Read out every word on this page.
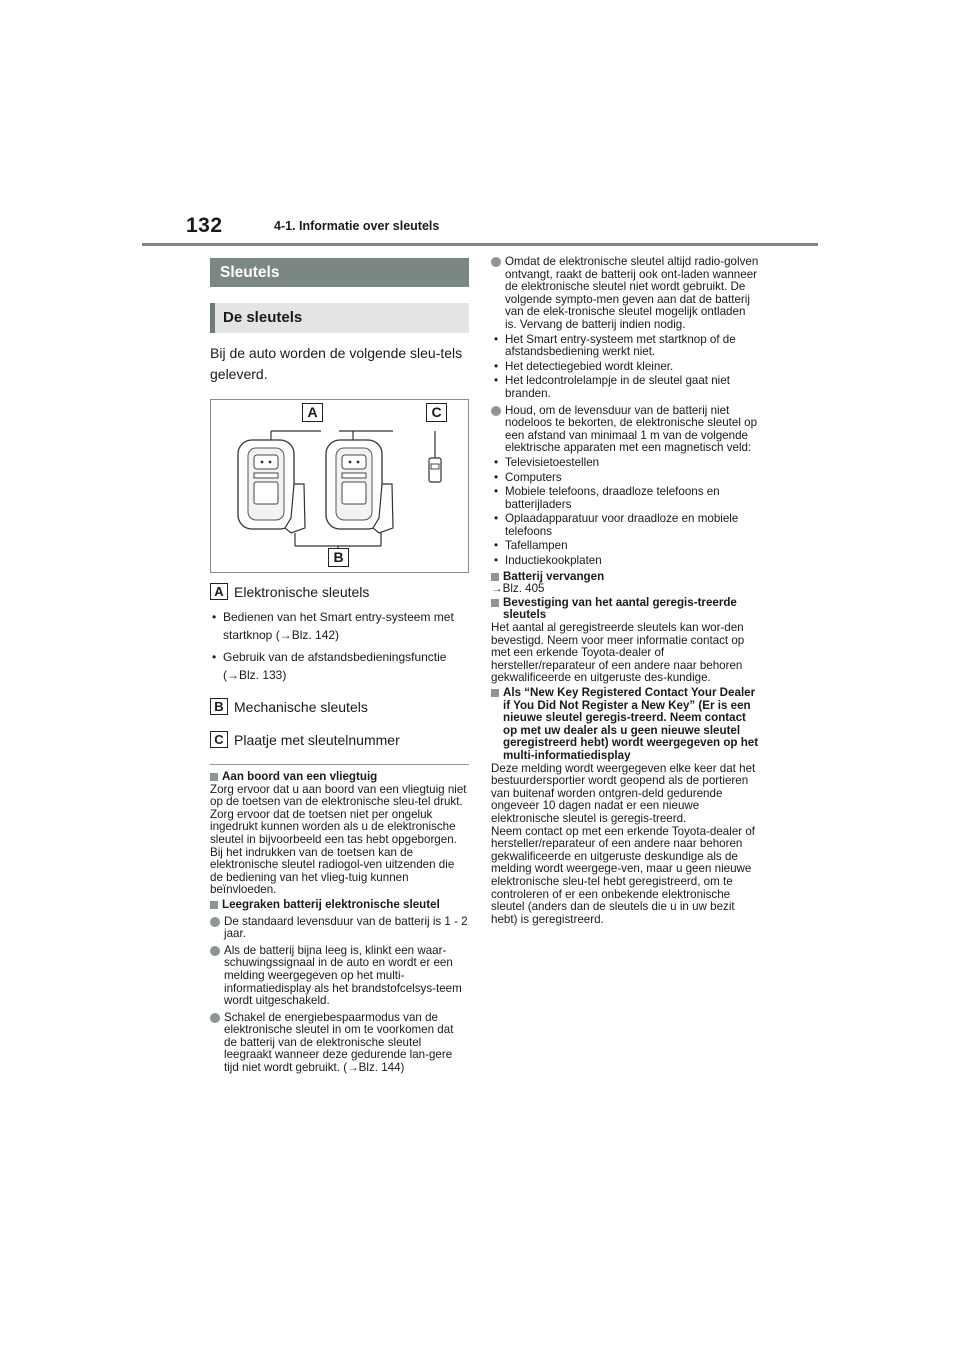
132	4-1. Informatie over sleutels
Sleutels
De sleutels

Bij de auto worden de volgende sleu-tels geleverd.

A	C
B
A Elektronische sleutels
• Bedienen van het Smart entry-systeem met startknop (→Blz. 142)
• Gebruik van de afstandsbedieningsfunctie (→Blz. 133)
B Mechanische sleutels
C Plaatje met sleutelnummer
Aan boord van een vliegtuig

Zorg ervoor dat u aan boord van een vliegtuig niet op de toetsen van de elektronische sleu-tel drukt. Zorg ervoor dat de toetsen niet per ongeluk ingedrukt kunnen worden als u de elektronische sleutel in bijvoorbeeld een tas hebt opgeborgen. Bij het indrukken van de toetsen kan de elektronische sleutel radiogol-ven uitzenden die de bediening van het vlieg-tuig kunnen beïnvloeden.

Leegraken batterij elektronische sleutel
De standaard levensduur van de batterij is 1 - 2 jaar.
Als de batterij bijna leeg is, klinkt een waar-schuwingssignaal in de auto en wordt er een melding weergegeven op het multi-informatiedisplay als het brandstofcelsys-teem wordt uitgeschakeld.
Schakel de energiebespaarmodus van de elektronische sleutel in om te voorkomen dat de batterij van de elektronische sleutel leegraakt wanneer deze gedurende lan-gere tijd niet wordt gebruikt. (→Blz. 144)
Omdat de elektronische sleutel altijd radio-golven ontvangt, raakt de batterij ook ont-laden wanneer de elektronische sleutel niet wordt gebruikt. De volgende sympto-men geven aan dat de batterij van de elek-tronische sleutel mogelijk ontladen is. Vervang de batterij indien nodig.
• Het Smart entry-systeem met startknop of de afstandsbediening werkt niet.
• Het detectiegebied wordt kleiner.
• Het ledcontrolelampje in de sleutel gaat niet branden.
Houd, om de levensduur van de batterij niet nodeloos te bekorten, de elektronische sleutel op een afstand van minimaal 1 m van de volgende elektrische apparaten met een magnetisch veld:
• Televisietoestellen
• Computers
• Mobiele telefoons, draadloze telefoons en batterijladers
• Oplaadapparatuur voor draadloze en mobiele telefoons
• Tafellampen
• Inductiekookplaten
Batterij vervangen

→Blz. 405

Bevestiging van het aantal geregis-treerde sleutels

Het aantal al geregistreerde sleutels kan wor-den bevestigd. Neem voor meer informatie contact op met een erkende Toyota-dealer of hersteller/reparateur of een andere naar behoren gekwalificeerde en uitgeruste des-kundige.

Als “New Key Registered Contact Your Dealer if You Did Not Register a New Key” (Er is een nieuwe sleutel geregis-treerd. Neem contact op met uw dealer als u geen nieuwe sleutel geregistreerd hebt) wordt weergegeven op het multi-informatiedisplay

Deze melding wordt weergegeven elke keer dat het bestuurdersportier wordt geopend als de portieren van buitenaf worden ontgren-deld gedurende ongeveer 10 dagen nadat er een nieuwe elektronische sleutel is geregis-treerd.

Neem contact op met een erkende Toyota-dealer of hersteller/reparateur of een andere naar behoren gekwalificeerde en uitgeruste deskundige als de melding wordt weergege-ven, maar u geen nieuwe elektronische sleu-tel hebt geregistreerd, om te controleren of er een onbekende elektronische sleutel (anders dan de sleutels die u in uw bezit hebt) is geregistreerd.
